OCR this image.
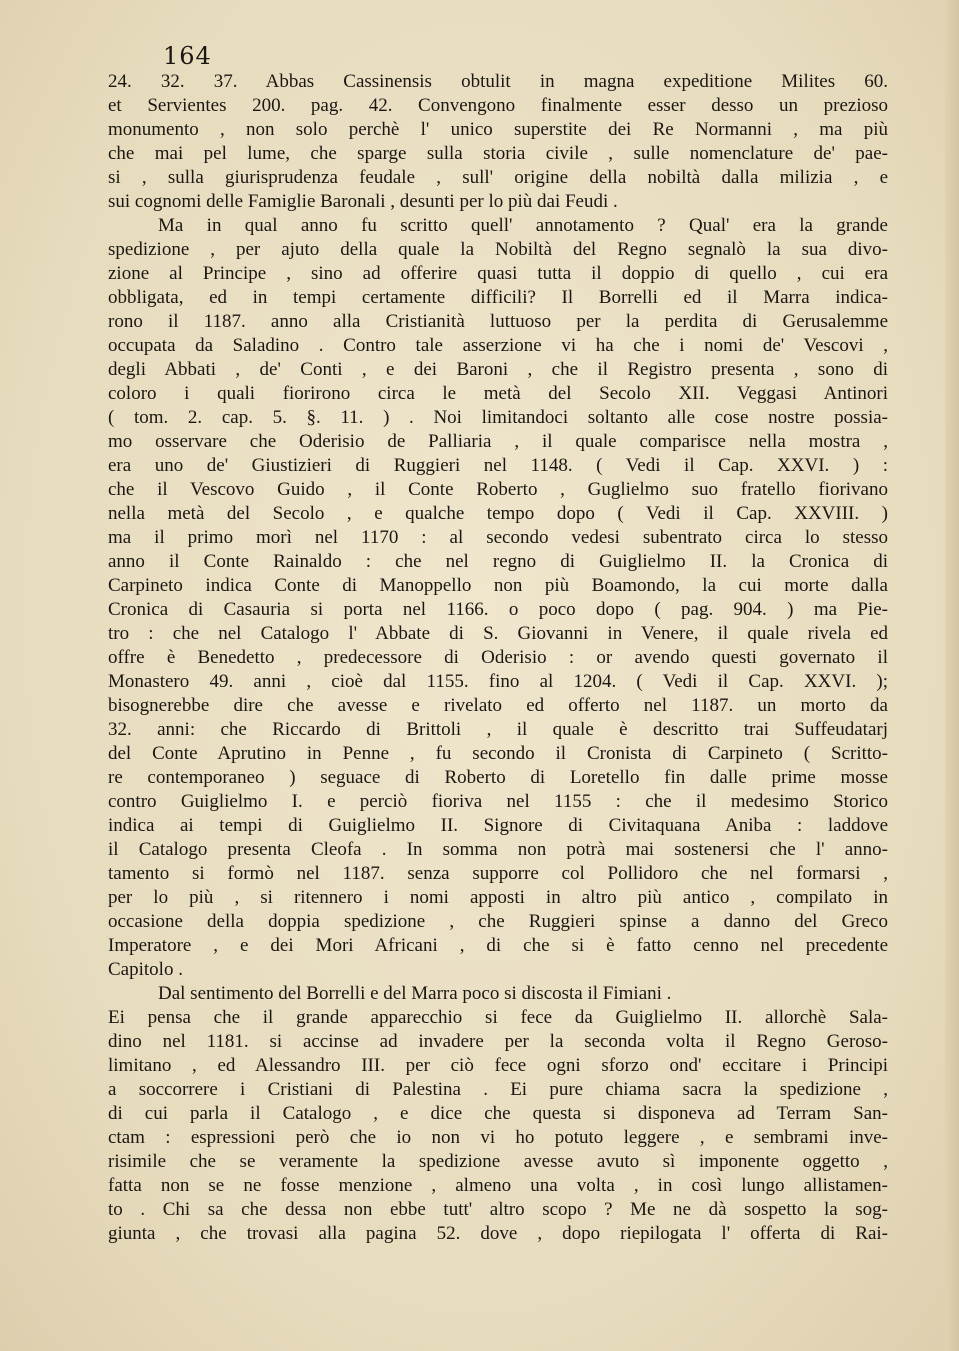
164
24. 32. 37. Abbas Cassinensis obtulit in magna expeditione Milites 60.
et Servientes 200. pag. 42. Convengono finalmente esser desso un prezioso
monumento , non solo perchè l' unico superstite dei Re Normanni , ma più
che mai pel lume, che sparge sulla storia civile , sulle nomenclature de' pae-
si , sulla giurisprudenza feudale , sull' origine della nobiltà dalla milizia , e
sui cognomi delle Famiglie Baronali , desunti per lo più dai Feudi .
Ma in qual anno fu scritto quell' annotamento ? Qual' era la grande
spedizione , per ajuto della quale la Nobiltà del Regno segnalò la sua divo-
zione al Principe , sino ad offerire quasi tutta il doppio di quello , cui era
obbligata, ed in tempi certamente difficili? Il Borrelli ed il Marra indica-
rono il 1187. anno alla Cristianità luttuoso per la perdita di Gerusalemme
occupata da Saladino . Contro tale asserzione vi ha che i nomi de' Vescovi ,
degli Abbati , de' Conti , e dei Baroni , che il Registro presenta , sono di
coloro i quali fiorirono circa le metà del Secolo XII. Veggasi Antinori
( tom. 2. cap. 5. §. 11. ) . Noi limitandoci soltanto alle cose nostre possia-
mo osservare che Oderisio de Palliaria , il quale comparisce nella mostra ,
era uno de' Giustizieri di Ruggieri nel 1148. ( Vedi il Cap. XXVI. ) :
che il Vescovo Guido , il Conte Roberto , Guglielmo suo fratello fiorivano
nella metà del Secolo , e qualche tempo dopo ( Vedi il Cap. XXVIII. )
ma il primo morì nel 1170 : al secondo vedesi subentrato circa lo stesso
anno il Conte Rainaldo : che nel regno di Guiglielmo II. la Cronica di
Carpineto indica Conte di Manoppello non più Boamondo, la cui morte dalla
Cronica di Casauria si porta nel 1166. o poco dopo ( pag. 904. ) ma Pie-
tro : che nel Catalogo l' Abbate di S. Giovanni in Venere, il quale rivela ed
offre è Benedetto , predecessore di Oderisio : or avendo questi governato il
Monastero 49. anni , cioè dal 1155. fino al 1204. ( Vedi il Cap. XXVI. );
bisognerebbe dire che avesse e rivelato ed offerto nel 1187. un morto da
32. anni: che Riccardo di Brittoli , il quale è descritto trai Suffeudatarj
del Conte Aprutino in Penne , fu secondo il Cronista di Carpineto ( Scritto-
re contemporaneo ) seguace di Roberto di Loretello fin dalle prime mosse
contro Guiglielmo I. e perciò fioriva nel 1155 : che il medesimo Storico
indica ai tempi di Guiglielmo II. Signore di Civitaquana Aniba : laddove
il Catalogo presenta Cleofa . In somma non potrà mai sostenersi che l' anno-
tamento si formò nel 1187. senza supporre col Pollidoro che nel formarsi ,
per lo più , si ritennero i nomi apposti in altro più antico , compilato in
occasione della doppia spedizione , che Ruggieri spinse a danno del Greco
Imperatore , e dei Mori Africani , di che si è fatto cenno nel precedente
Capitolo .
Dal sentimento del Borrelli e del Marra poco si discosta il Fimiani .
Ei pensa che il grande apparecchio si fece da Guiglielmo II. allorchè Sala-
dino nel 1181. si accinse ad invadere per la seconda volta il Regno Geroso-
limitano , ed Alessandro III. per ciò fece ogni sforzo ond' eccitare i Principi
a soccorrere i Cristiani di Palestina . Ei pure chiama sacra la spedizione ,
di cui parla il Catalogo , e dice che questa si disponeva ad Terram San-
ctam : espressioni però che io non vi ho potuto leggere , e sembrami inve-
risimile che se veramente la spedizione avesse avuto sì imponente oggetto ,
fatta non se ne fosse menzione , almeno una volta , in così lungo allistamen-
to . Chi sa che dessa non ebbe tutt' altro scopo ? Me ne dà sospetto la sog-
giunta , che trovasi alla pagina 52. dove , dopo riepilogata l' offerta di Rai-
